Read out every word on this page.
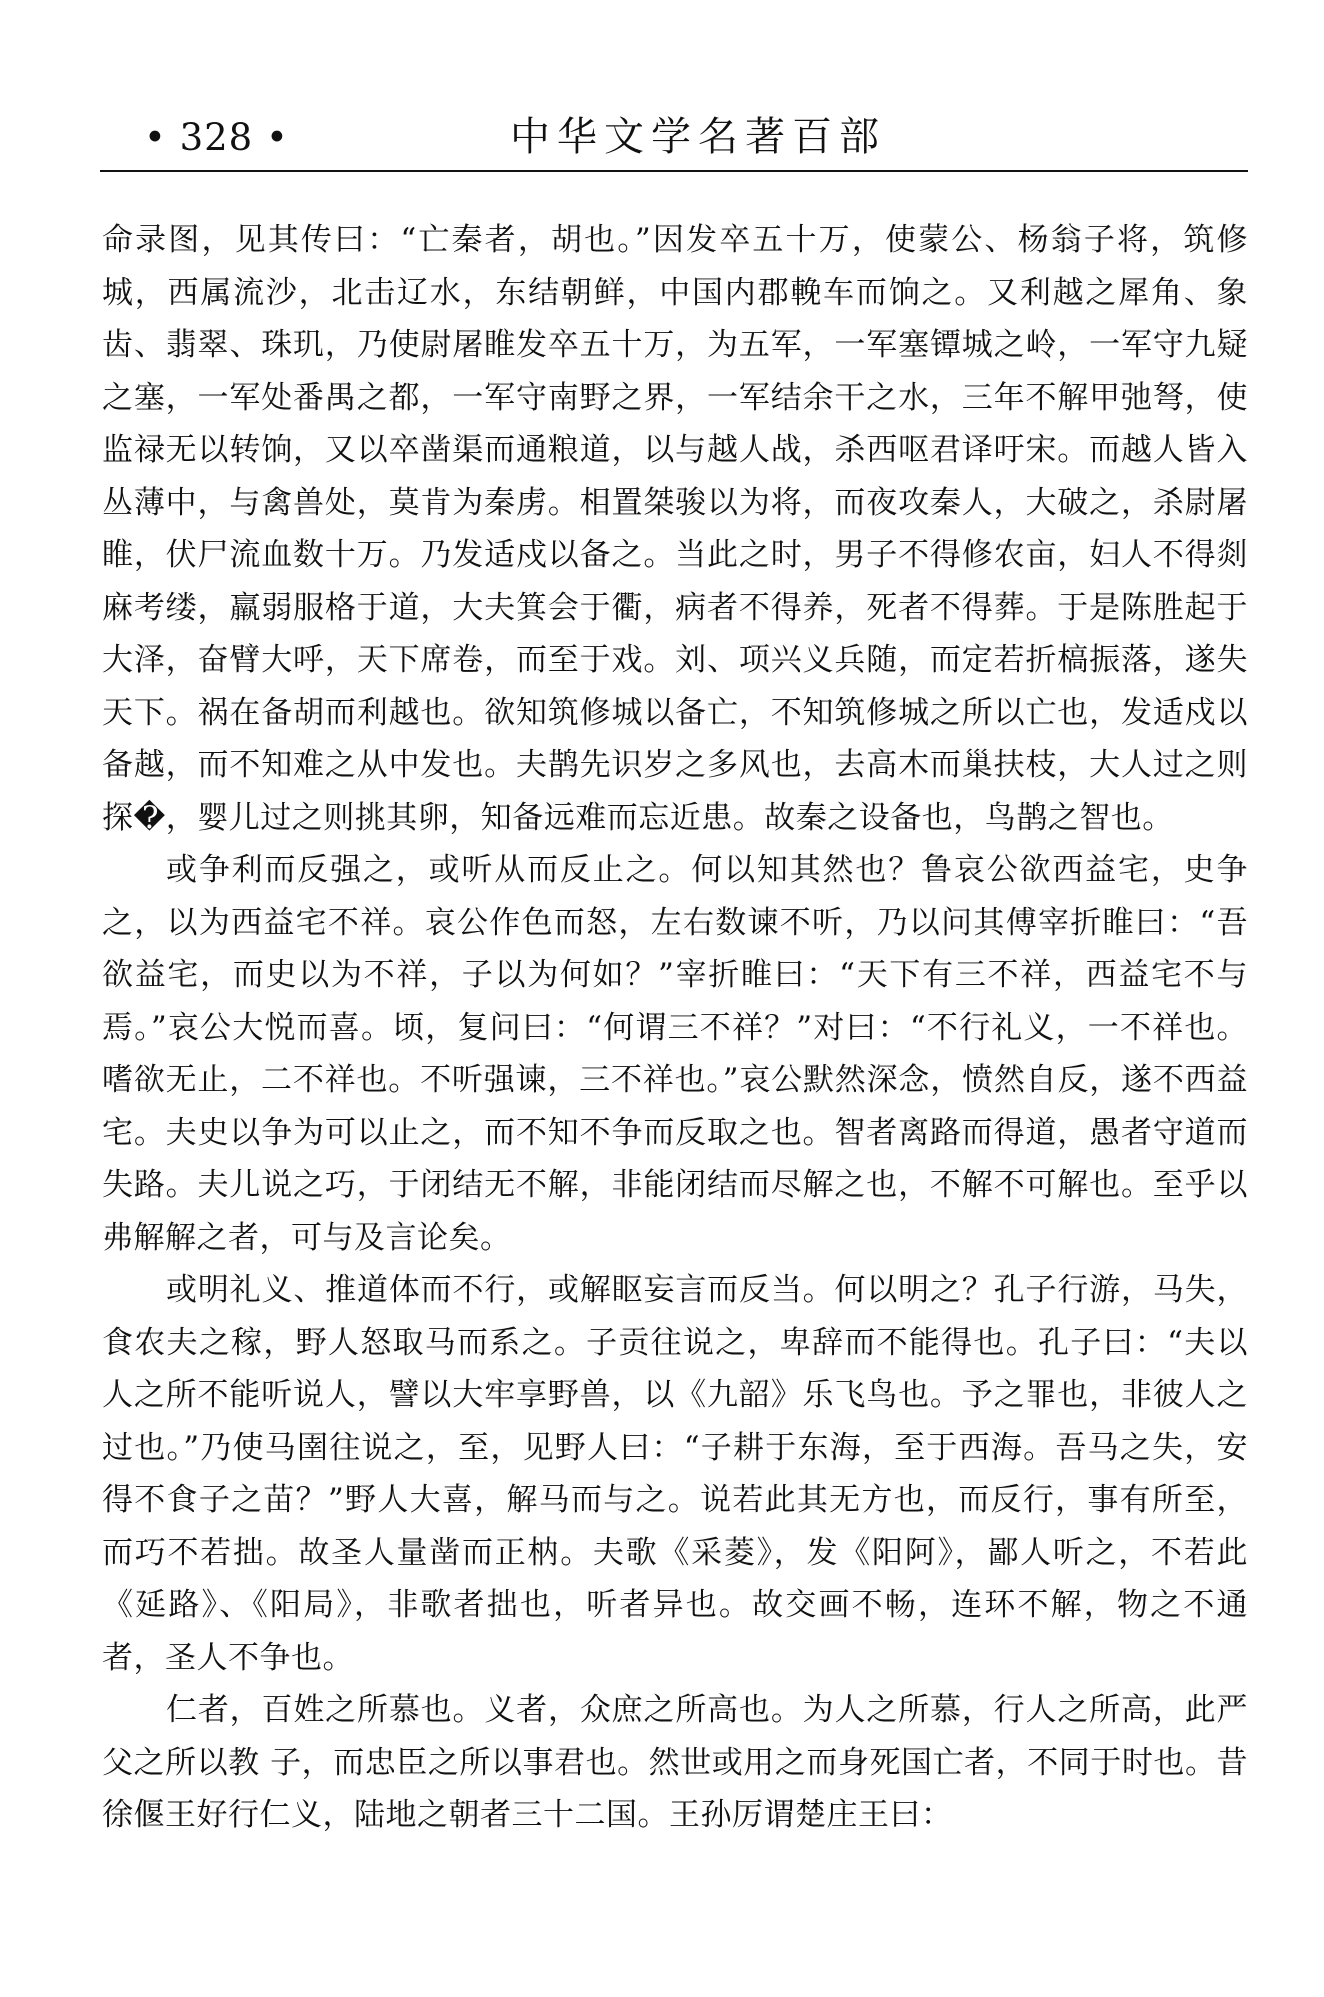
• 328 •	中华文学名著百部

命录图，见其传曰：“亡秦者，胡也。”因发卒五十万，使蒙公、杨翁子将，筑修城，西属流沙，北击辽水，东结朝鲜，中国内郡輓车而饷之。又利越之犀角、象齿、翡翠、珠玑，乃使尉屠睢发卒五十万，为五军，一军塞镡城之岭，一军守九疑之塞，一军处番禺之都，一军守南野之界，一军结余干之水，三年不解甲弛弩，使监禄无以转饷，又以卒凿渠而通粮道，以与越人战，杀西呕君译吁宋。而越人皆入丛薄中，与禽兽处，莫肯为秦虏。相置桀骏以为将，而夜攻秦人，大破之，杀尉屠睢，伏尸流血数十万。乃发适戍以备之。当此之时，男子不得修农亩，妇人不得剡麻考缕，羸弱服格于道，大夫箕会于衢，病者不得养，死者不得葬。于是陈胜起于大泽，奋臂大呼，天下席卷，而至于戏。刘、项兴义兵随，而定若折槁振落，遂失天下。祸在备胡而利越也。欲知筑修城以备亡，不知筑修城之所以亡也，发适戍以备越，而不知难之从中发也。夫鹊先识岁之多风也，去高木而巢扶枝，大人过之则探�，婴儿过之则挑其卵，知备远难而忘近患。故秦之设备也，鸟鹊之智也。

或争利而反强之，或听从而反止之。何以知其然也？鲁哀公欲西益宅，史争之，以为西益宅不祥。哀公作色而怒，左右数谏不听，乃以问其傅宰折睢曰：“吾欲益宅，而史以为不祥，子以为何如？”宰折睢曰：“天下有三不祥，西益宅不与焉。”哀公大悦而喜。顷，复问曰：“何谓三不祥？”对曰：“不行礼义，一不祥也。嗜欲无止，二不祥也。不听强谏，三不祥也。”哀公默然深念，愤然自反，遂不西益宅。夫史以争为可以止之，而不知不争而反取之也。智者离路而得道，愚者守道而失路。夫儿说之巧，于闭结无不解，非能闭结而尽解之也，不解不可解也。至乎以弗解解之者，可与及言论矣。

或明礼义、推道体而不行，或解眍妄言而反当。何以明之？孔子行游，马失，食农夫之稼，野人怒取马而系之。子贡往说之，卑辞而不能得也。孔子曰：“夫以人之所不能听说人，譬以大牢享野兽，以《九韶》乐飞鸟也。予之罪也，非彼人之过也。”乃使马圉往说之，至，见野人曰：“子耕于东海，至于西海。吾马之失，安得不食子之苗？”野人大喜，解马而与之。说若此其无方也，而反行，事有所至，而巧不若拙。故圣人量凿而正枘。夫歌《采菱》，发《阳阿》，鄙人听之，不若此《延路》、《阳局》，非歌者拙也，听者异也。故交画不畅，连环不解，物之不通者，圣人不争也。

仁者，百姓之所慕也。义者，众庶之所高也。为人之所慕，行人之所高，此严父之所以教 子，而忠臣之所以事君也。然世或用之而身死国亡者，不同于时也。昔徐偃王好行仁义，陆地之朝者三十二国。王孙厉谓楚庄王曰：
